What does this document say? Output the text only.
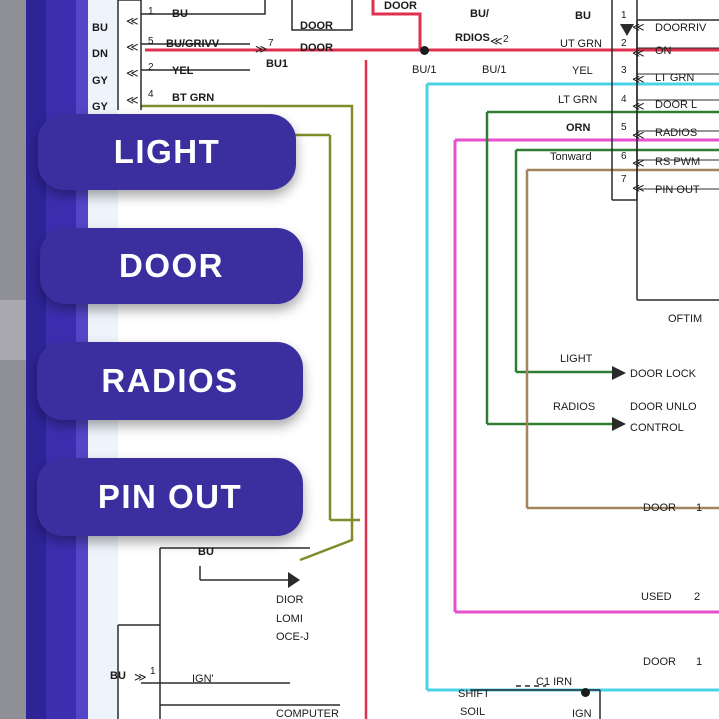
BU
DN
GY
GY
≪
≪
≪
≪
1
5
2
4
BU
BU/GRIVV
YEL
BT GRN
7
≫
BU1
DOOR
DOOR
DOOR
BU/
RDIOS 2
BU/1	BU/1
≪
BU
UT GRN
YEL
LT GRN
ORN
Tonward
1
2
3
4
5
6
7
≪
≪
≪
≪
≪
≪
≪
DOORRIV
ON
LT GRN
DOOR L
RADIOS
RS PWM
PIN OUT
OFTIM
DOOR LOCK
DOOR UNLO
CONTROL
DOOR 1
USED 2
DOOR 1
LIGHT
RADIOS
BU
DIOR
LOMI
OCE-J
BU ≫ 1
IGN'
COMPUTER
SHIFT
SOIL
C1 IRN
IGN
LIGHT
DOOR
RADIOS
PIN OUT
